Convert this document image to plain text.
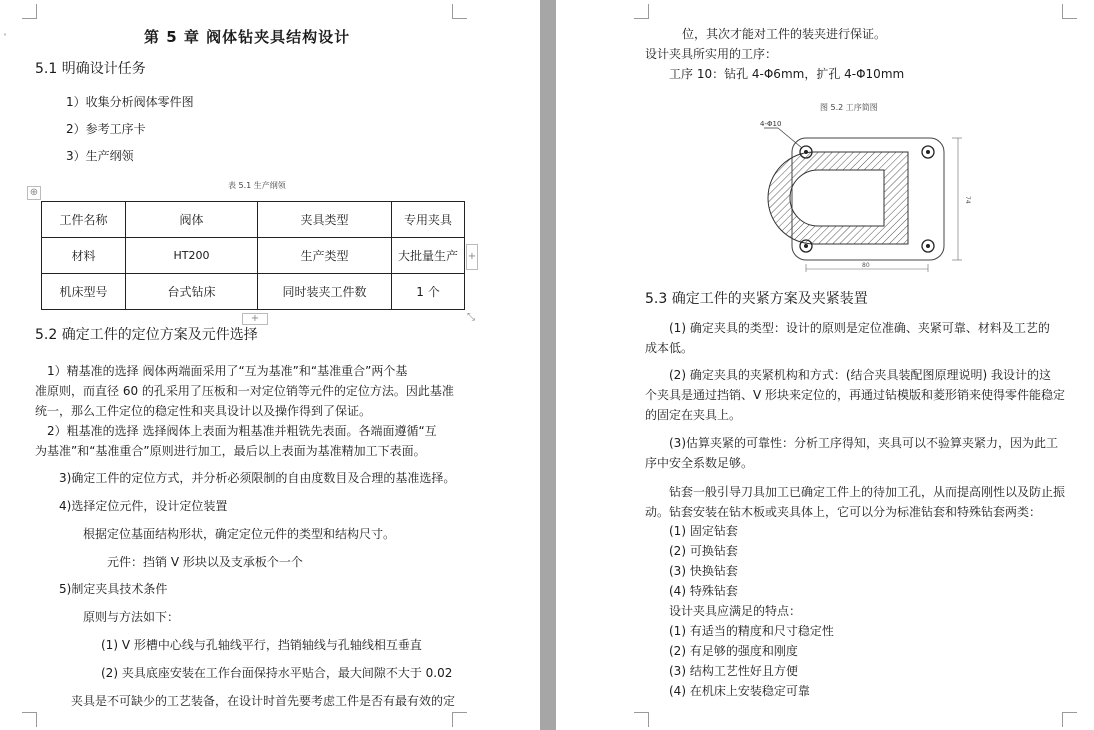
˅	第 5 章 阀体钻夹具结构设计
5.1 明确设计任务
1）收集分析阀体零件图
2）参考工序卡
3）生产纲领
表 5.1 生产纲领
⊕
工件名称	阀体	夹具类型	专用夹具
材料	HT200	生产类型	大批量生产
机床型号	台式钻床	同时装夹工件数	1 个
+
+	⤡
5.2 确定工件的定位方案及元件选择
1）精基准的选择 阀体两端面采用了“互为基准”和“基准重合”两个基
准原则，而直径 60 的孔采用了压板和一对定位销等元件的定位方法。因此基准
统一，那么工件定位的稳定性和夹具设计以及操作得到了保证。
2）粗基准的选择 选择阀体上表面为粗基准并粗铣先表面。各端面遵循“互
为基准”和“基准重合”原则进行加工，最后以上表面为基准精加工下表面。
3)确定工件的定位方式，并分析必须限制的自由度数目及合理的基准选择。
4)选择定位元件，设计定位装置
根据定位基面结构形状，确定定位元件的类型和结构尺寸。
元件：挡销 V 形块以及支承板个一个
5)制定夹具技术条件
原则与方法如下：
(1) V 形槽中心线与孔轴线平行，挡销轴线与孔轴线相互垂直
(2) 夹具底座安装在工作台面保持水平贴合，最大间隙不大于 0.02
夹具是不可缺少的工艺装备，在设计时首先要考虑工件是否有最有效的定
位，其次才能对工件的装夹进行保证。
设计夹具所实用的工序：
工序 10：钻孔 4-Φ6mm，扩孔 4-Φ10mm
图 5.2 工序简图
4-Φ10
80
74
5.3 确定工件的夹紧方案及夹紧装置
(1) 确定夹具的类型：设计的原则是定位准确、夹紧可靠、材料及工艺的
成本低。
(2) 确定夹具的夹紧机构和方式：(结合夹具装配图原理说明) 我设计的这
个夹具是通过挡销、V 形块来定位的，再通过钻模版和菱形销来使得零件能稳定
的固定在夹具上。
(3)估算夹紧的可靠性：分析工序得知，夹具可以不验算夹紧力，因为此工
序中安全系数足够。
钻套一般引导刀具加工已确定工件上的待加工孔，从而提高刚性以及防止振
动。钻套安装在钻木板或夹具体上，它可以分为标准钻套和特殊钻套两类：
(1) 固定钻套
(2) 可换钻套
(3) 快换钻套
(4) 特殊钻套
设计夹具应满足的特点：
(1) 有适当的精度和尺寸稳定性
(2) 有足够的强度和刚度
(3) 结构工艺性好且方便
(4) 在机床上安装稳定可靠
